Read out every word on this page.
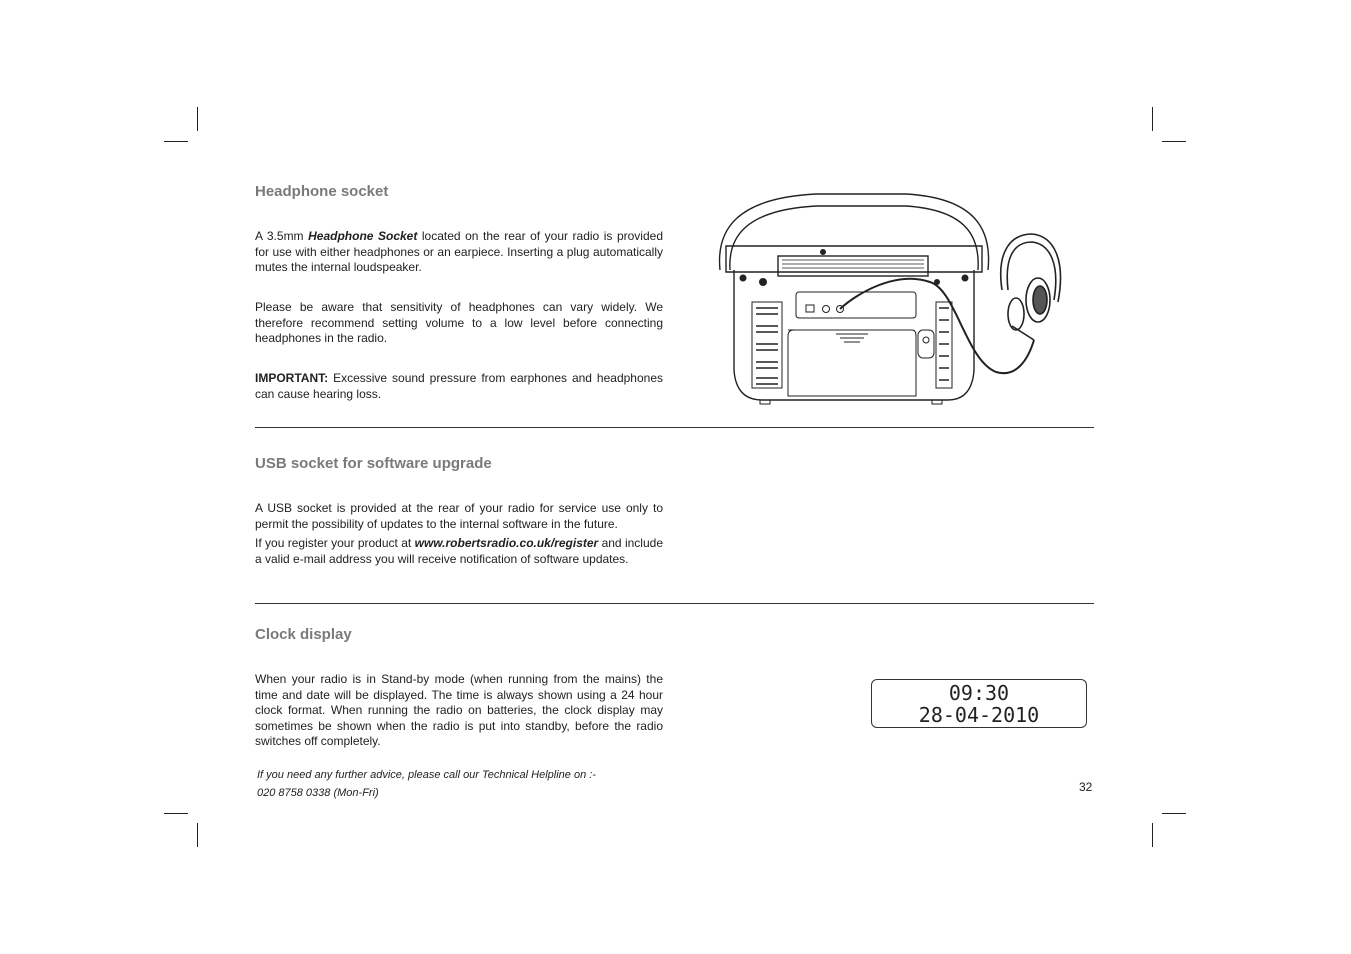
Headphone socket

A 3.5mm Headphone Socket located on the rear of your radio is provided for use with either headphones or an earpiece. Inserting a plug automatically mutes the internal loudspeaker.

Please be aware that sensitivity of headphones can vary widely. We therefore recommend setting volume to a low level before connecting headphones in the radio.

IMPORTANT: Excessive sound pressure from earphones and headphones can cause hearing loss.

USB socket for software upgrade

A USB socket is provided at the rear of your radio for service use only to permit the possibility of updates to the internal software in the future.

If you register your product at www.robertsradio.co.uk/register and include a valid e-mail address you will receive notification of software updates.

Clock display

When your radio is in Stand-by mode (when running from the mains) the time and date will be displayed. The time is always shown using a 24 hour clock format. When running the radio on batteries, the clock display may sometimes be shown when the radio is put into standby, before the radio switches off completely.

09:30
28-04-2010

If you need any further advice, please call our Technical Helpline on :-

020 8758 0338 (Mon-Fri)	32
